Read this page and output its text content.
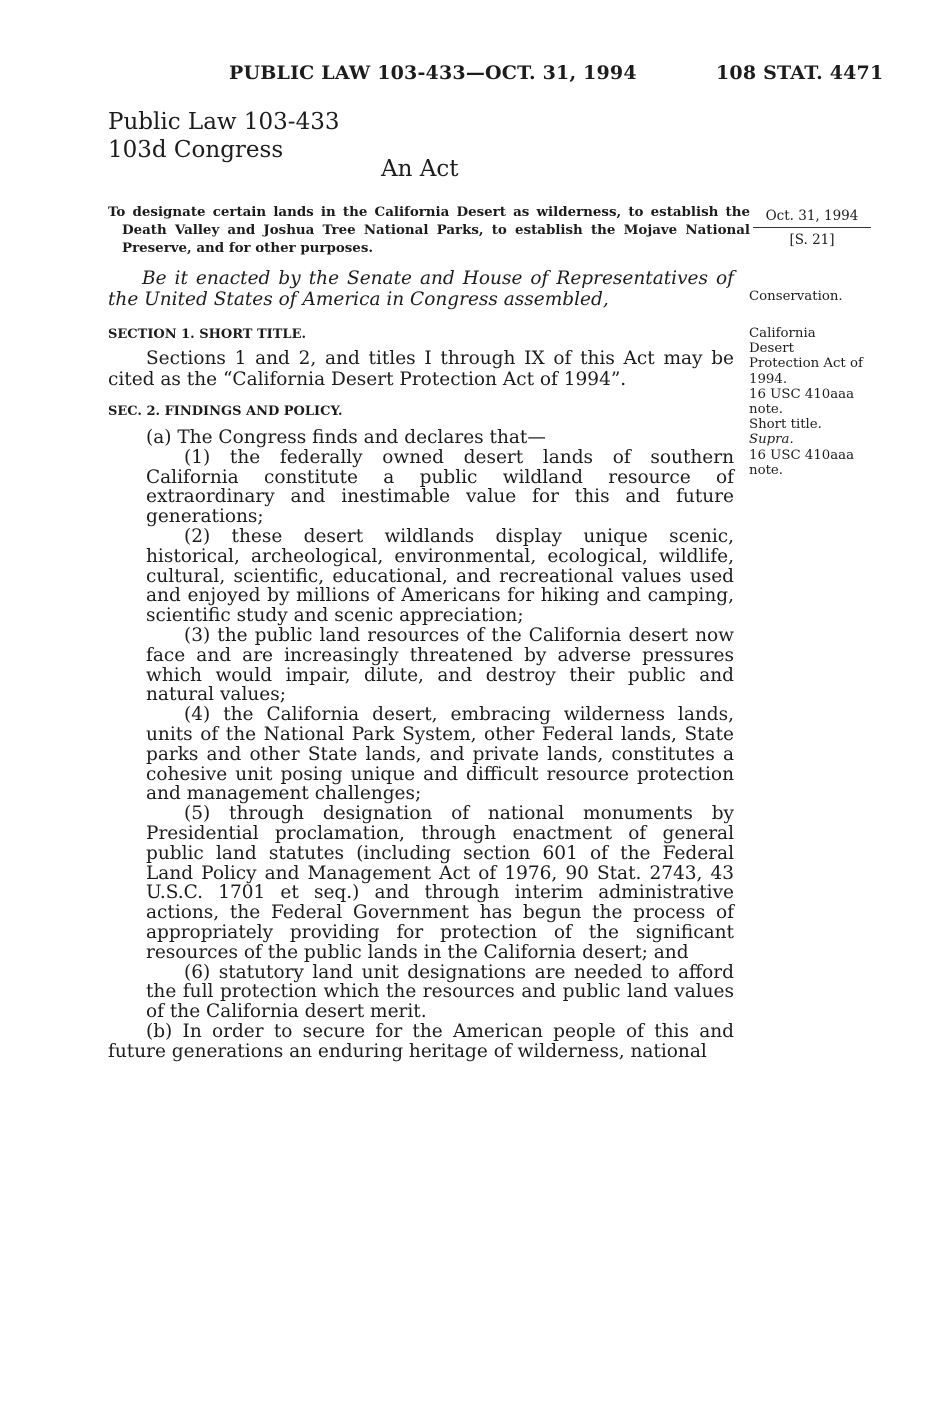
PUBLIC LAW 103-433—OCT. 31, 1994	108 STAT. 4471
Public Law 103-433
103d Congress
An Act
To designate certain lands in the California Desert as wilderness, to establish the Death Valley and Joshua Tree National Parks, to establish the Mojave National Preserve, and for other purposes.
Oct. 31, 1994
[S. 21]
Be it enacted by the Senate and House of Representatives of the United States of America in Congress assembled,	Conservation.
SECTION 1. SHORT TITLE.

Sections 1 and 2, and titles I through IX of this Act may be cited as the “California Desert Protection Act of 1994”.

California
Desert
Protection Act of
1994.
16 USC 410aaa
note.
Short title.
Supra.
16 USC 410aaa
note.
SEC. 2. FINDINGS AND POLICY.

(a) The Congress finds and declares that—

(1) the federally owned desert lands of southern California constitute a public wildland resource of extraordinary and inestimable value for this and future generations;

(2) these desert wildlands display unique scenic, historical, archeological, environmental, ecological, wildlife, cultural, scientific, educational, and recreational values used and enjoyed by millions of Americans for hiking and camping, scientific study and scenic appreciation;

(3) the public land resources of the California desert now face and are increasingly threatened by adverse pressures which would impair, dilute, and destroy their public and natural values;

(4) the California desert, embracing wilderness lands, units of the National Park System, other Federal lands, State parks and other State lands, and private lands, constitutes a cohesive unit posing unique and difficult resource protection and management challenges;

(5) through designation of national monuments by Presidential proclamation, through enactment of general public land statutes (including section 601 of the Federal Land Policy and Management Act of 1976, 90 Stat. 2743, 43 U.S.C. 1701 et seq.) and through interim administrative actions, the Federal Government has begun the process of appropriately providing for protection of the significant resources of the public lands in the California desert; and

(6) statutory land unit designations are needed to afford the full protection which the resources and public land values of the California desert merit.

(b) In order to secure for the American people of this and future generations an enduring heritage of wilderness, national
